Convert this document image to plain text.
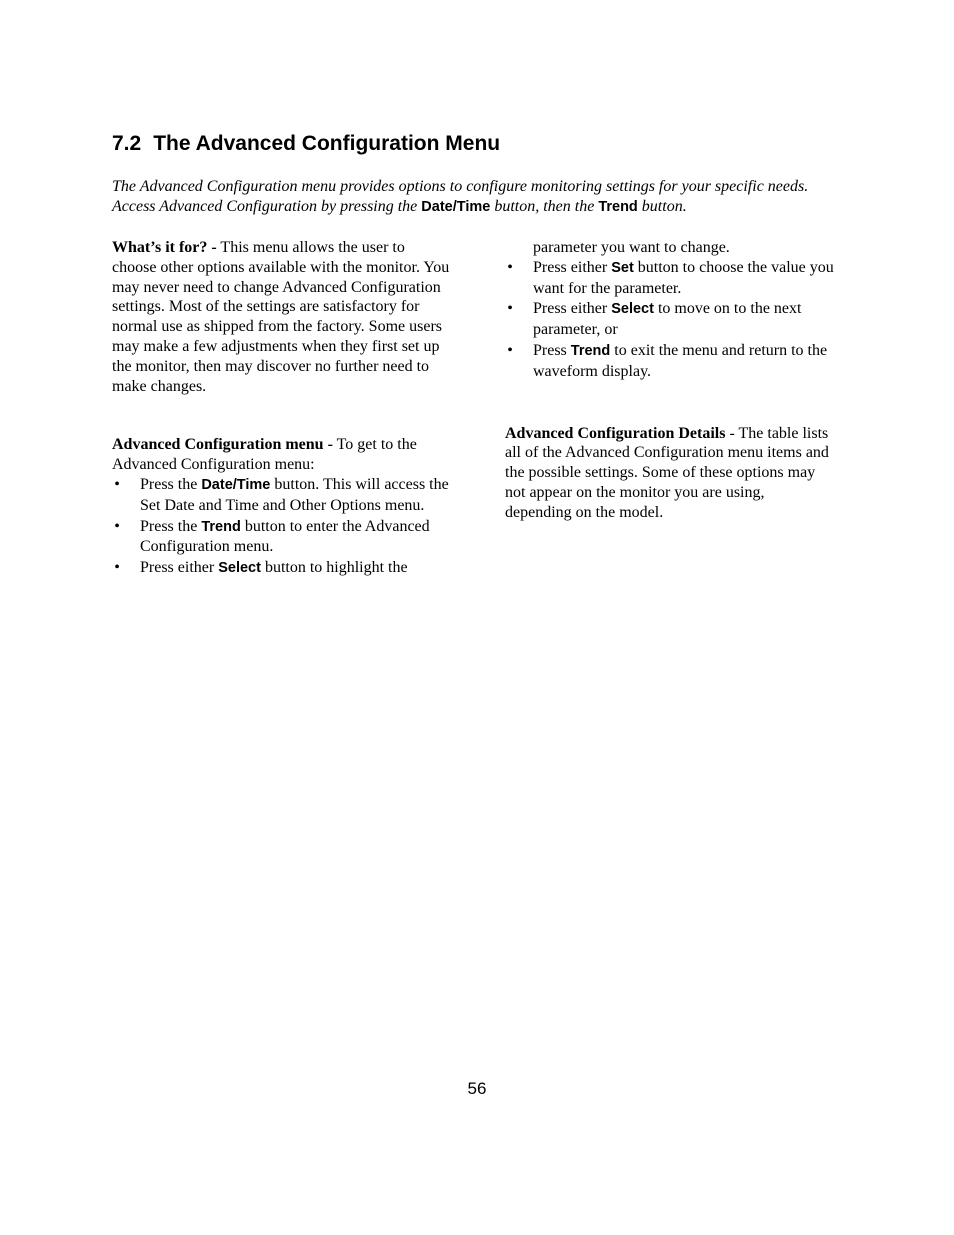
7.2 The Advanced Configuration Menu
The Advanced Configuration menu provides options to configure monitoring settings for your specific needs. Access Advanced Configuration by pressing the Date/Time button, then the Trend button.

What’s it for? - This menu allows the user to choose other options available with the monitor. You may never need to change Advanced Configuration settings. Most of the settings are satisfactory for normal use as shipped from the factory. Some users may make a few adjustments when they first set up the monitor, then may discover no further need to make changes.

Advanced Configuration menu - To get to the Advanced Configuration menu:

• Press the Date/Time button. This will access the Set Date and Time and Other Options menu.
• Press the Trend button to enter the Advanced Configuration menu.
• Press either Select button to highlight the

parameter you want to change.

• Press either Set button to choose the value you want for the parameter.
• Press either Select to move on to the next parameter, or
• Press Trend to exit the menu and return to the waveform display.

Advanced Configuration Details - The table lists all of the Advanced Configuration menu items and the possible settings. Some of these options may not appear on the monitor you are using, depending on the model.

56
